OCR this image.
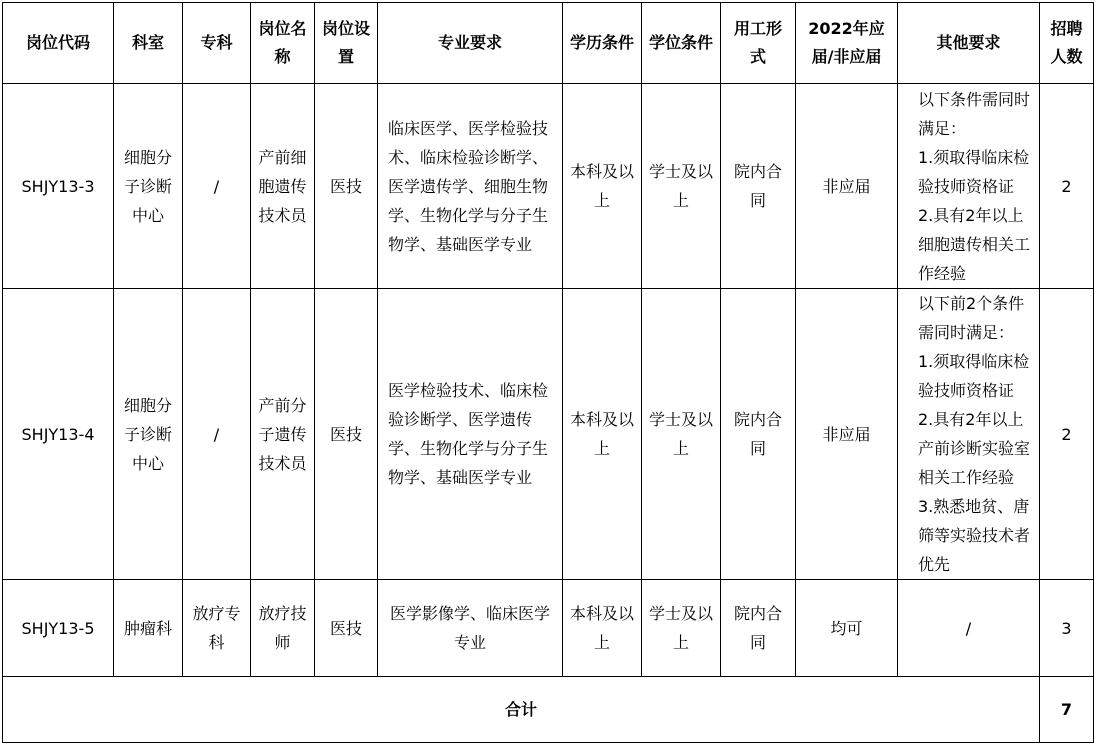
岗位代码	科室	专科	岗位名称	岗位设置	专业要求	学历条件	学位条件	用工形式	2022年应届/非应届	其他要求	招聘人数
SHJY13-3	细胞分子诊断中心	/	产前细胞遗传技术员	医技	临床医学、医学检验技术、临床检验诊断学、医学遗传学、细胞生物学、生物化学与分子生物学、基础医学专业	本科及以上	学士及以上	院内合同	非应届	以下条件需同时满足：
1.须取得临床检验技师资格证
2.具有2年以上细胞遗传相关工作经验	2
SHJY13-4	细胞分子诊断中心	/	产前分子遗传技术员	医技	医学检验技术、临床检验诊断学、医学遗传学、生物化学与分子生物学、基础医学专业	本科及以上	学士及以上	院内合同	非应届	以下前2个条件需同时满足：
1.须取得临床检验技师资格证
2.具有2年以上产前诊断实验室相关工作经验
3.熟悉地贫、唐筛等实验技术者优先	2
SHJY13-5	肿瘤科	放疗专科	放疗技师	医技	医学影像学、临床医学专业	本科及以上	学士及以上	院内合同	均可	/	3
合计											7
